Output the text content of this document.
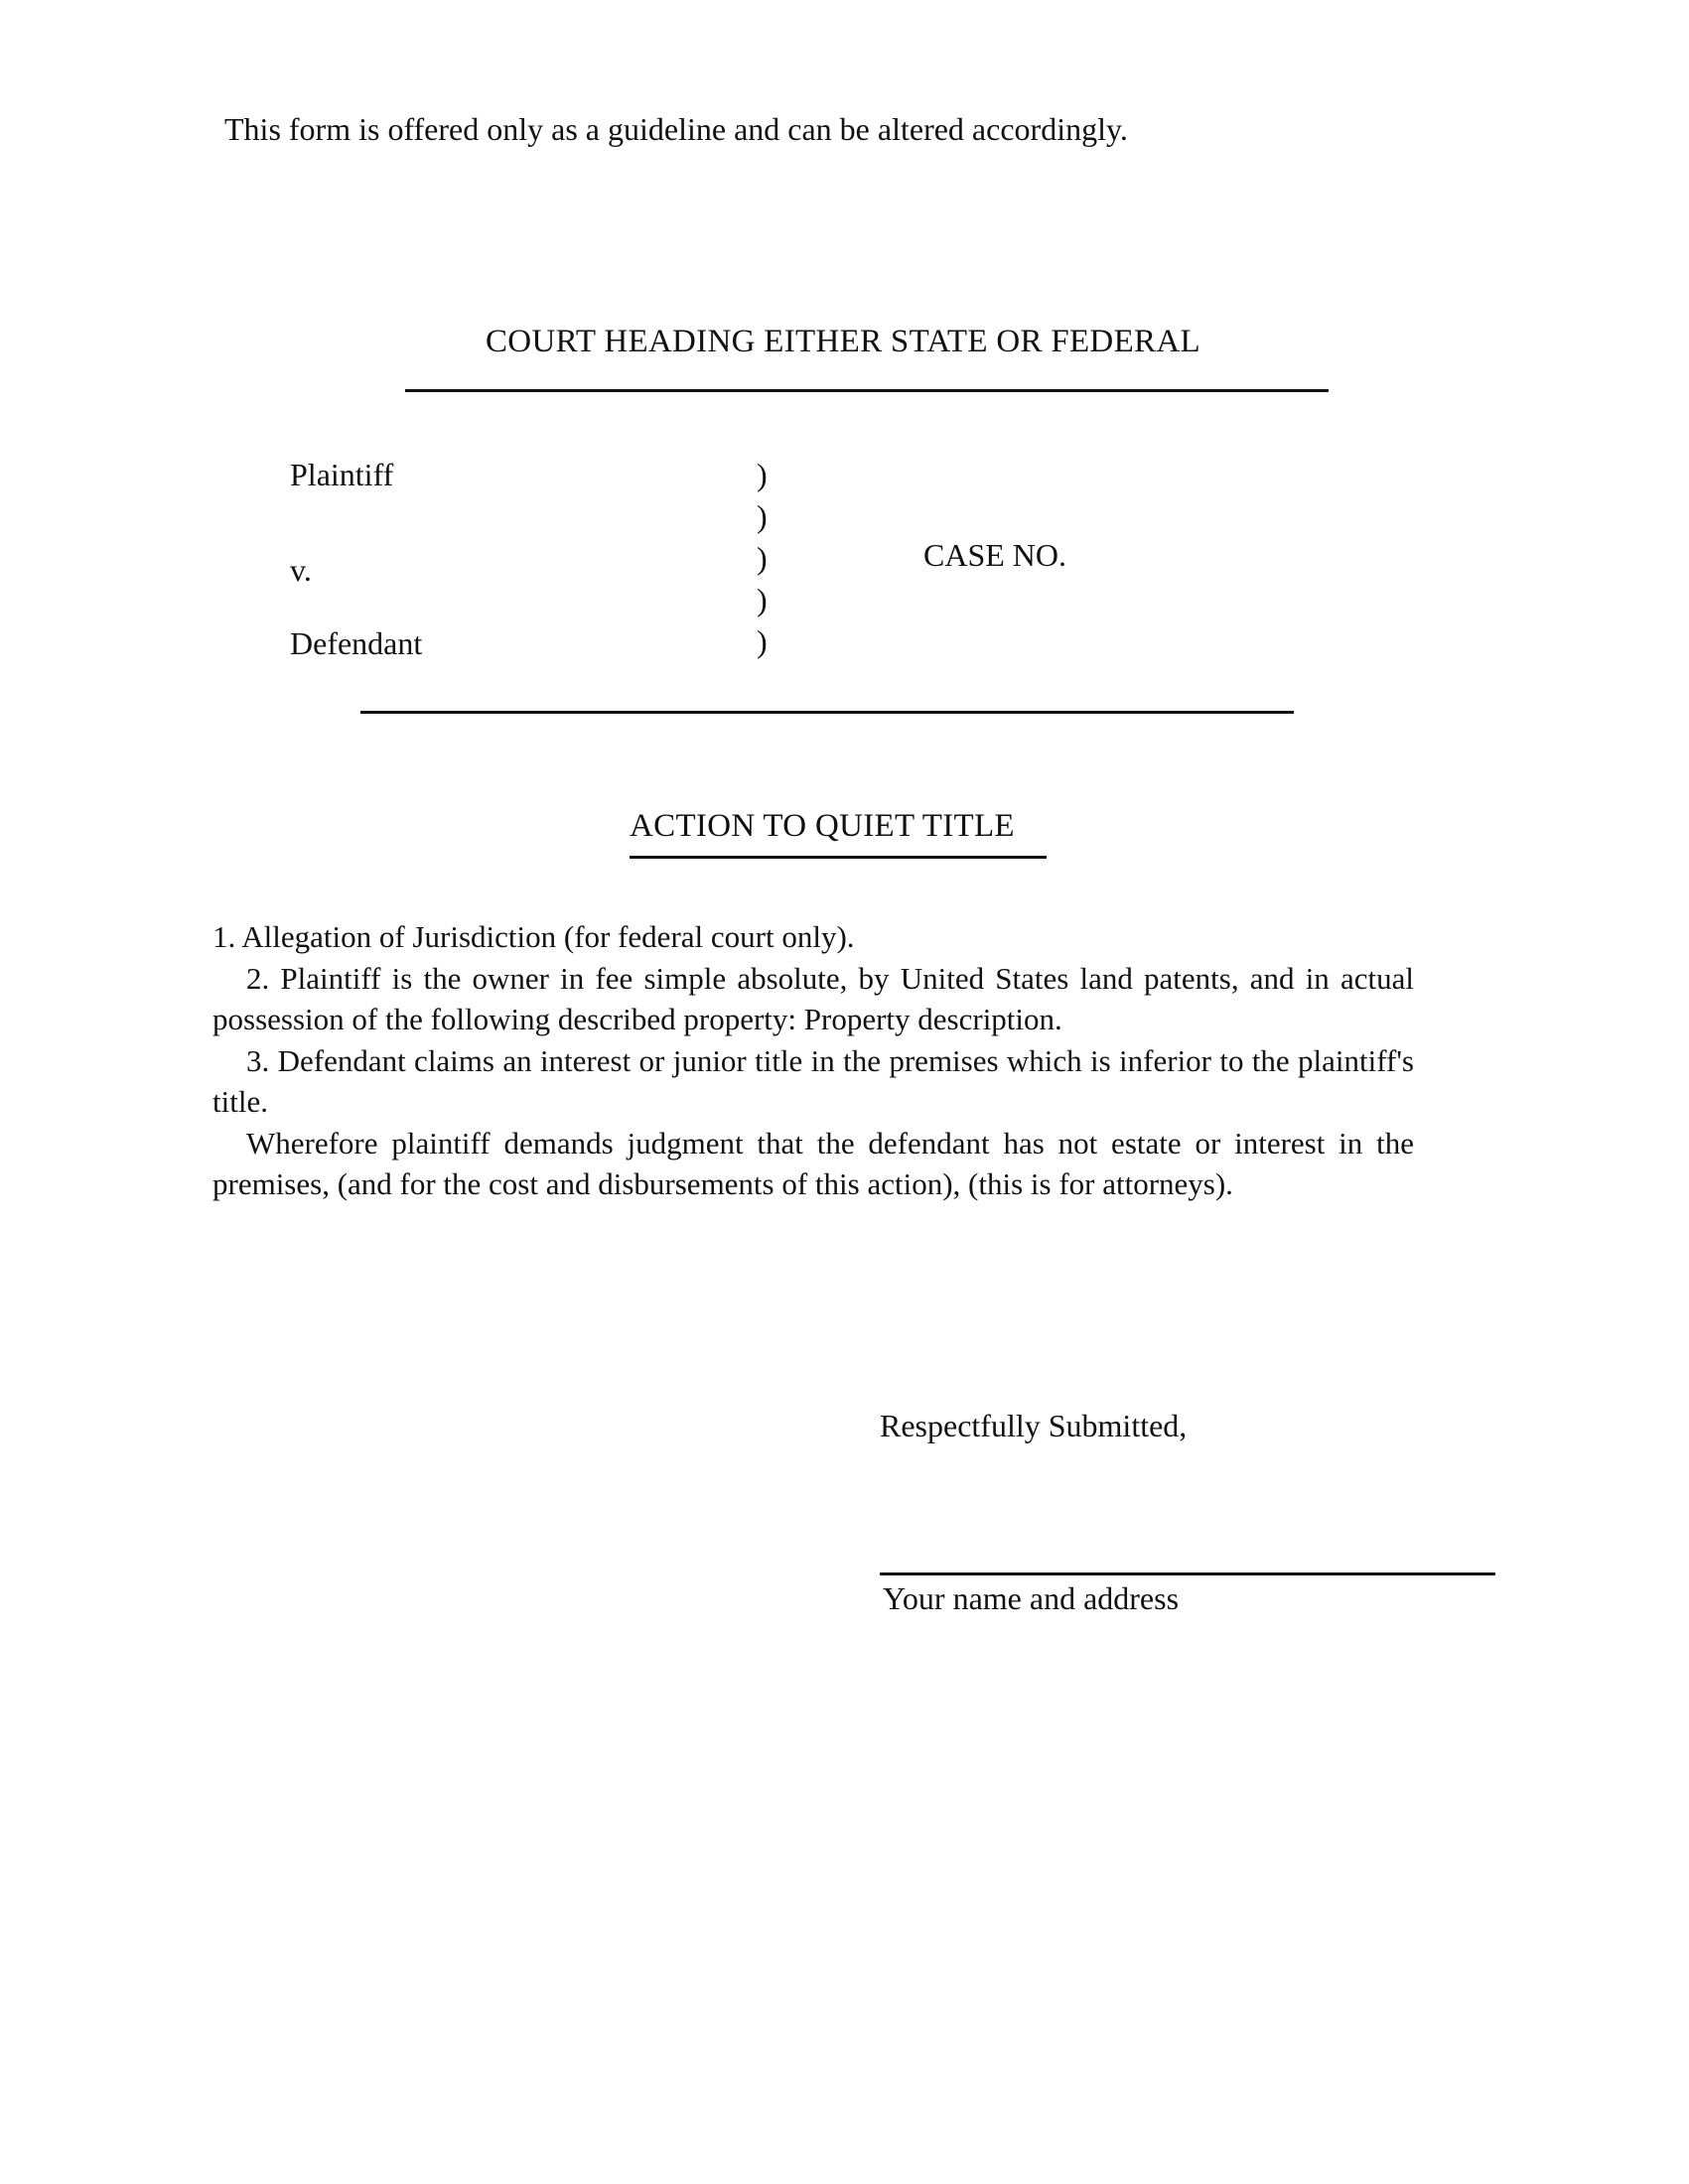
This form is offered only as a guideline and can be altered accordingly.
COURT HEADING EITHER STATE OR FEDERAL
Plaintiff
v.
Defendant
)
)
)
)
)
CASE NO.
ACTION TO QUIET TITLE

1. Allegation of Jurisdiction (for federal court only).

2. Plaintiff is the owner in fee simple absolute, by United States land patents, and in actual possession of the following described property: Property description.

3. Defendant claims an interest or junior title in the premises which is inferior to the plaintiff's title.

Wherefore plaintiff demands judgment that the defendant has not estate or interest in the premises, (and for the cost and disbursements of this action), (this is for attorneys).

Respectfully Submitted,
Your name and address
